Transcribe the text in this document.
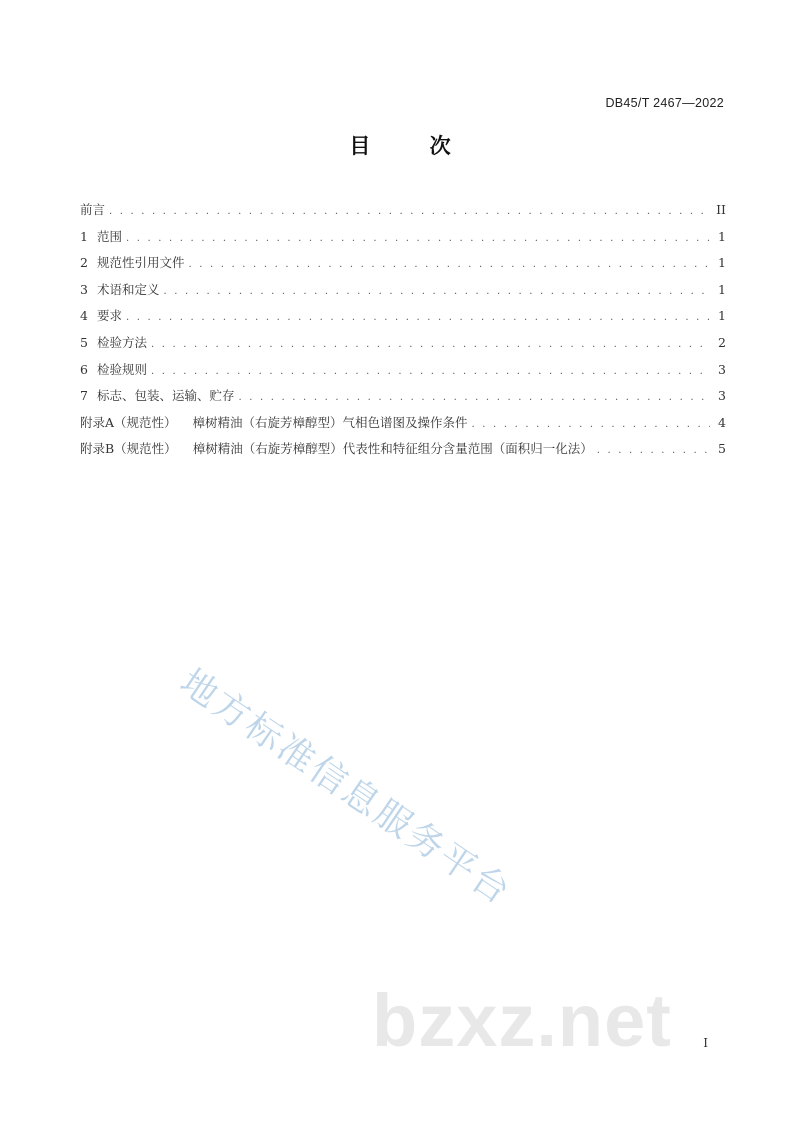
DB45/T 2467—2022
目 次
前言 . . .	II
1 范围 . . .	1
2 规范性引用文件 . . .	1
3 术语和定义 . . .	1
4 要求 . . .	1
5 检验方法 . . .	2
6 检验规则 . . .	3
7 标志、包装、运输、贮存 . . .	3
附录A（规范性） 樟树精油（右旋芳樟醇型）气相色谱图及操作条件 . . .	4
附录B（规范性） 樟树精油（右旋芳樟醇型）代表性和特征组分含量范围（面积归一化法） . . .	5
地方标准信息服务平台
bzxz.net	I
